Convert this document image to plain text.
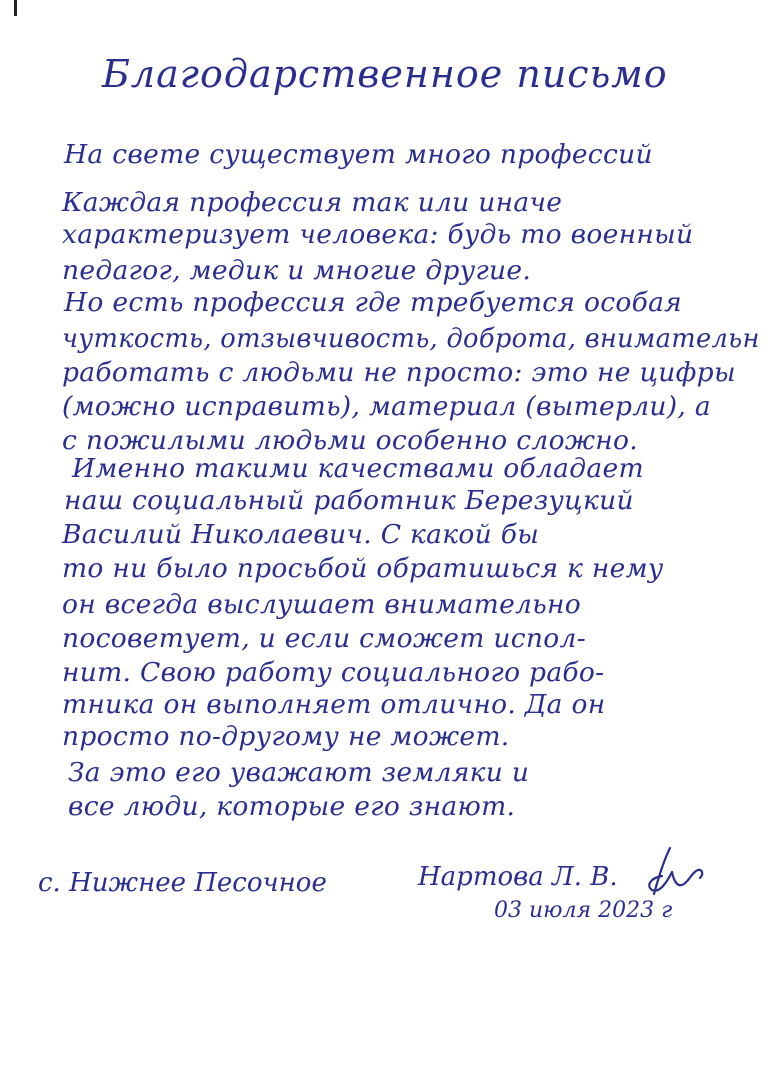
Благодарственное письмо
На свете существует много профессий
Каждая профессия так или иначе
характеризует человека: будь то военный
педагог, медик и многие другие.
Но есть профессия где требуется особая
чуткость, отзывчивость, доброта, внимательн
работать с людьми не просто: это не цифры
(можно исправить), материал (вытерли), а
с пожилыми людьми особенно сложно.
Именно такими качествами обладает
наш социальный работник Березуцкий
Василий Николаевич. С какой бы
то ни было просьбой обратишься к нему
он всегда выслушает внимательно
посоветует, и если сможет испол-
нит. Свою работу социального рабо-
тника он выполняет отлично. Да он
просто по-другому не может.
За это его уважают земляки и
все люди, которые его знают.
с. Нижнее Песочное	Нартова Л. В.
03 июля 2023 г
